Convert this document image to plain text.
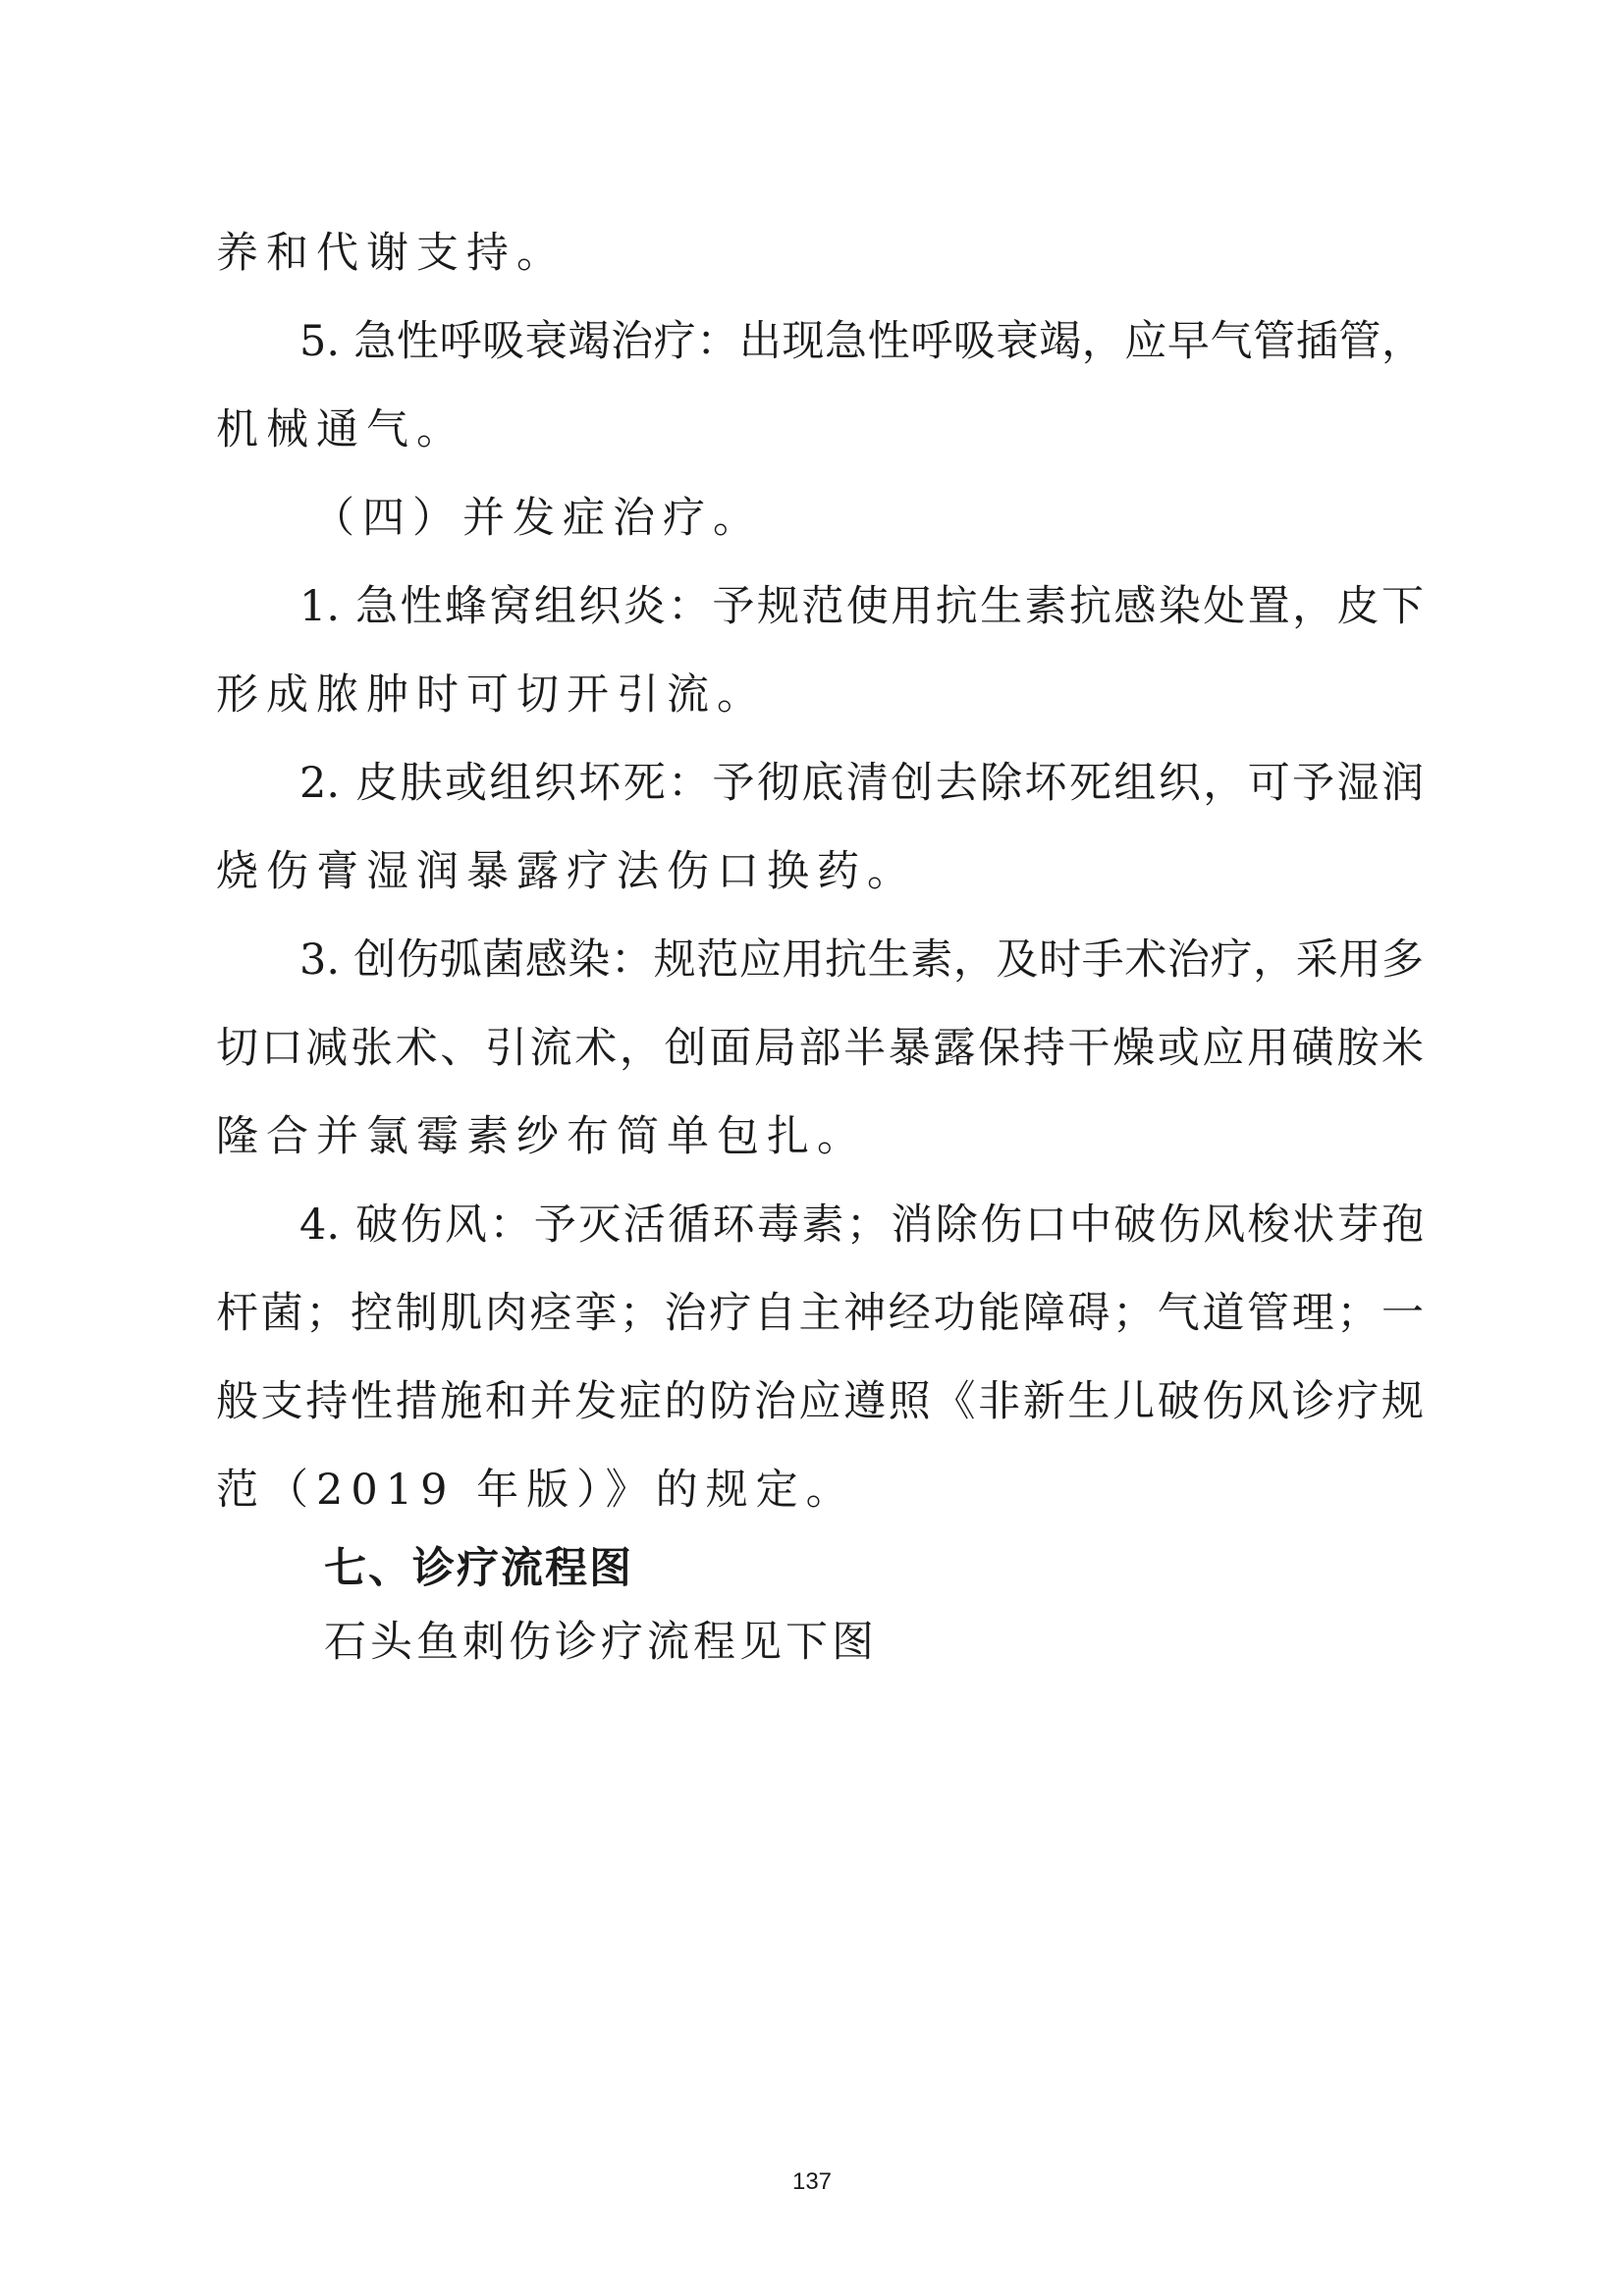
养和代谢支持。
5. 急性呼吸衰竭治疗：出现急性呼吸衰竭，应早气管插管，
机械通气。
（四）并发症治疗。
1. 急性蜂窝组织炎：予规范使用抗生素抗感染处置，皮下
形成脓肿时可切开引流。
2. 皮肤或组织坏死：予彻底清创去除坏死组织，可予湿润
烧伤膏湿润暴露疗法伤口换药。
3. 创伤弧菌感染：规范应用抗生素，及时手术治疗，采用多
切口减张术、引流术，创面局部半暴露保持干燥或应用磺胺米
隆合并氯霉素纱布简单包扎。
4. 破伤风：予灭活循环毒素；消除伤口中破伤风梭状芽孢
杆菌；控制肌肉痉挛；治疗自主神经功能障碍；气道管理；一
般支持性措施和并发症的防治应遵照《非新生儿破伤风诊疗规
范（2019 年版）》的规定。
七、诊疗流程图
石头鱼刺伤诊疗流程见下图
137
